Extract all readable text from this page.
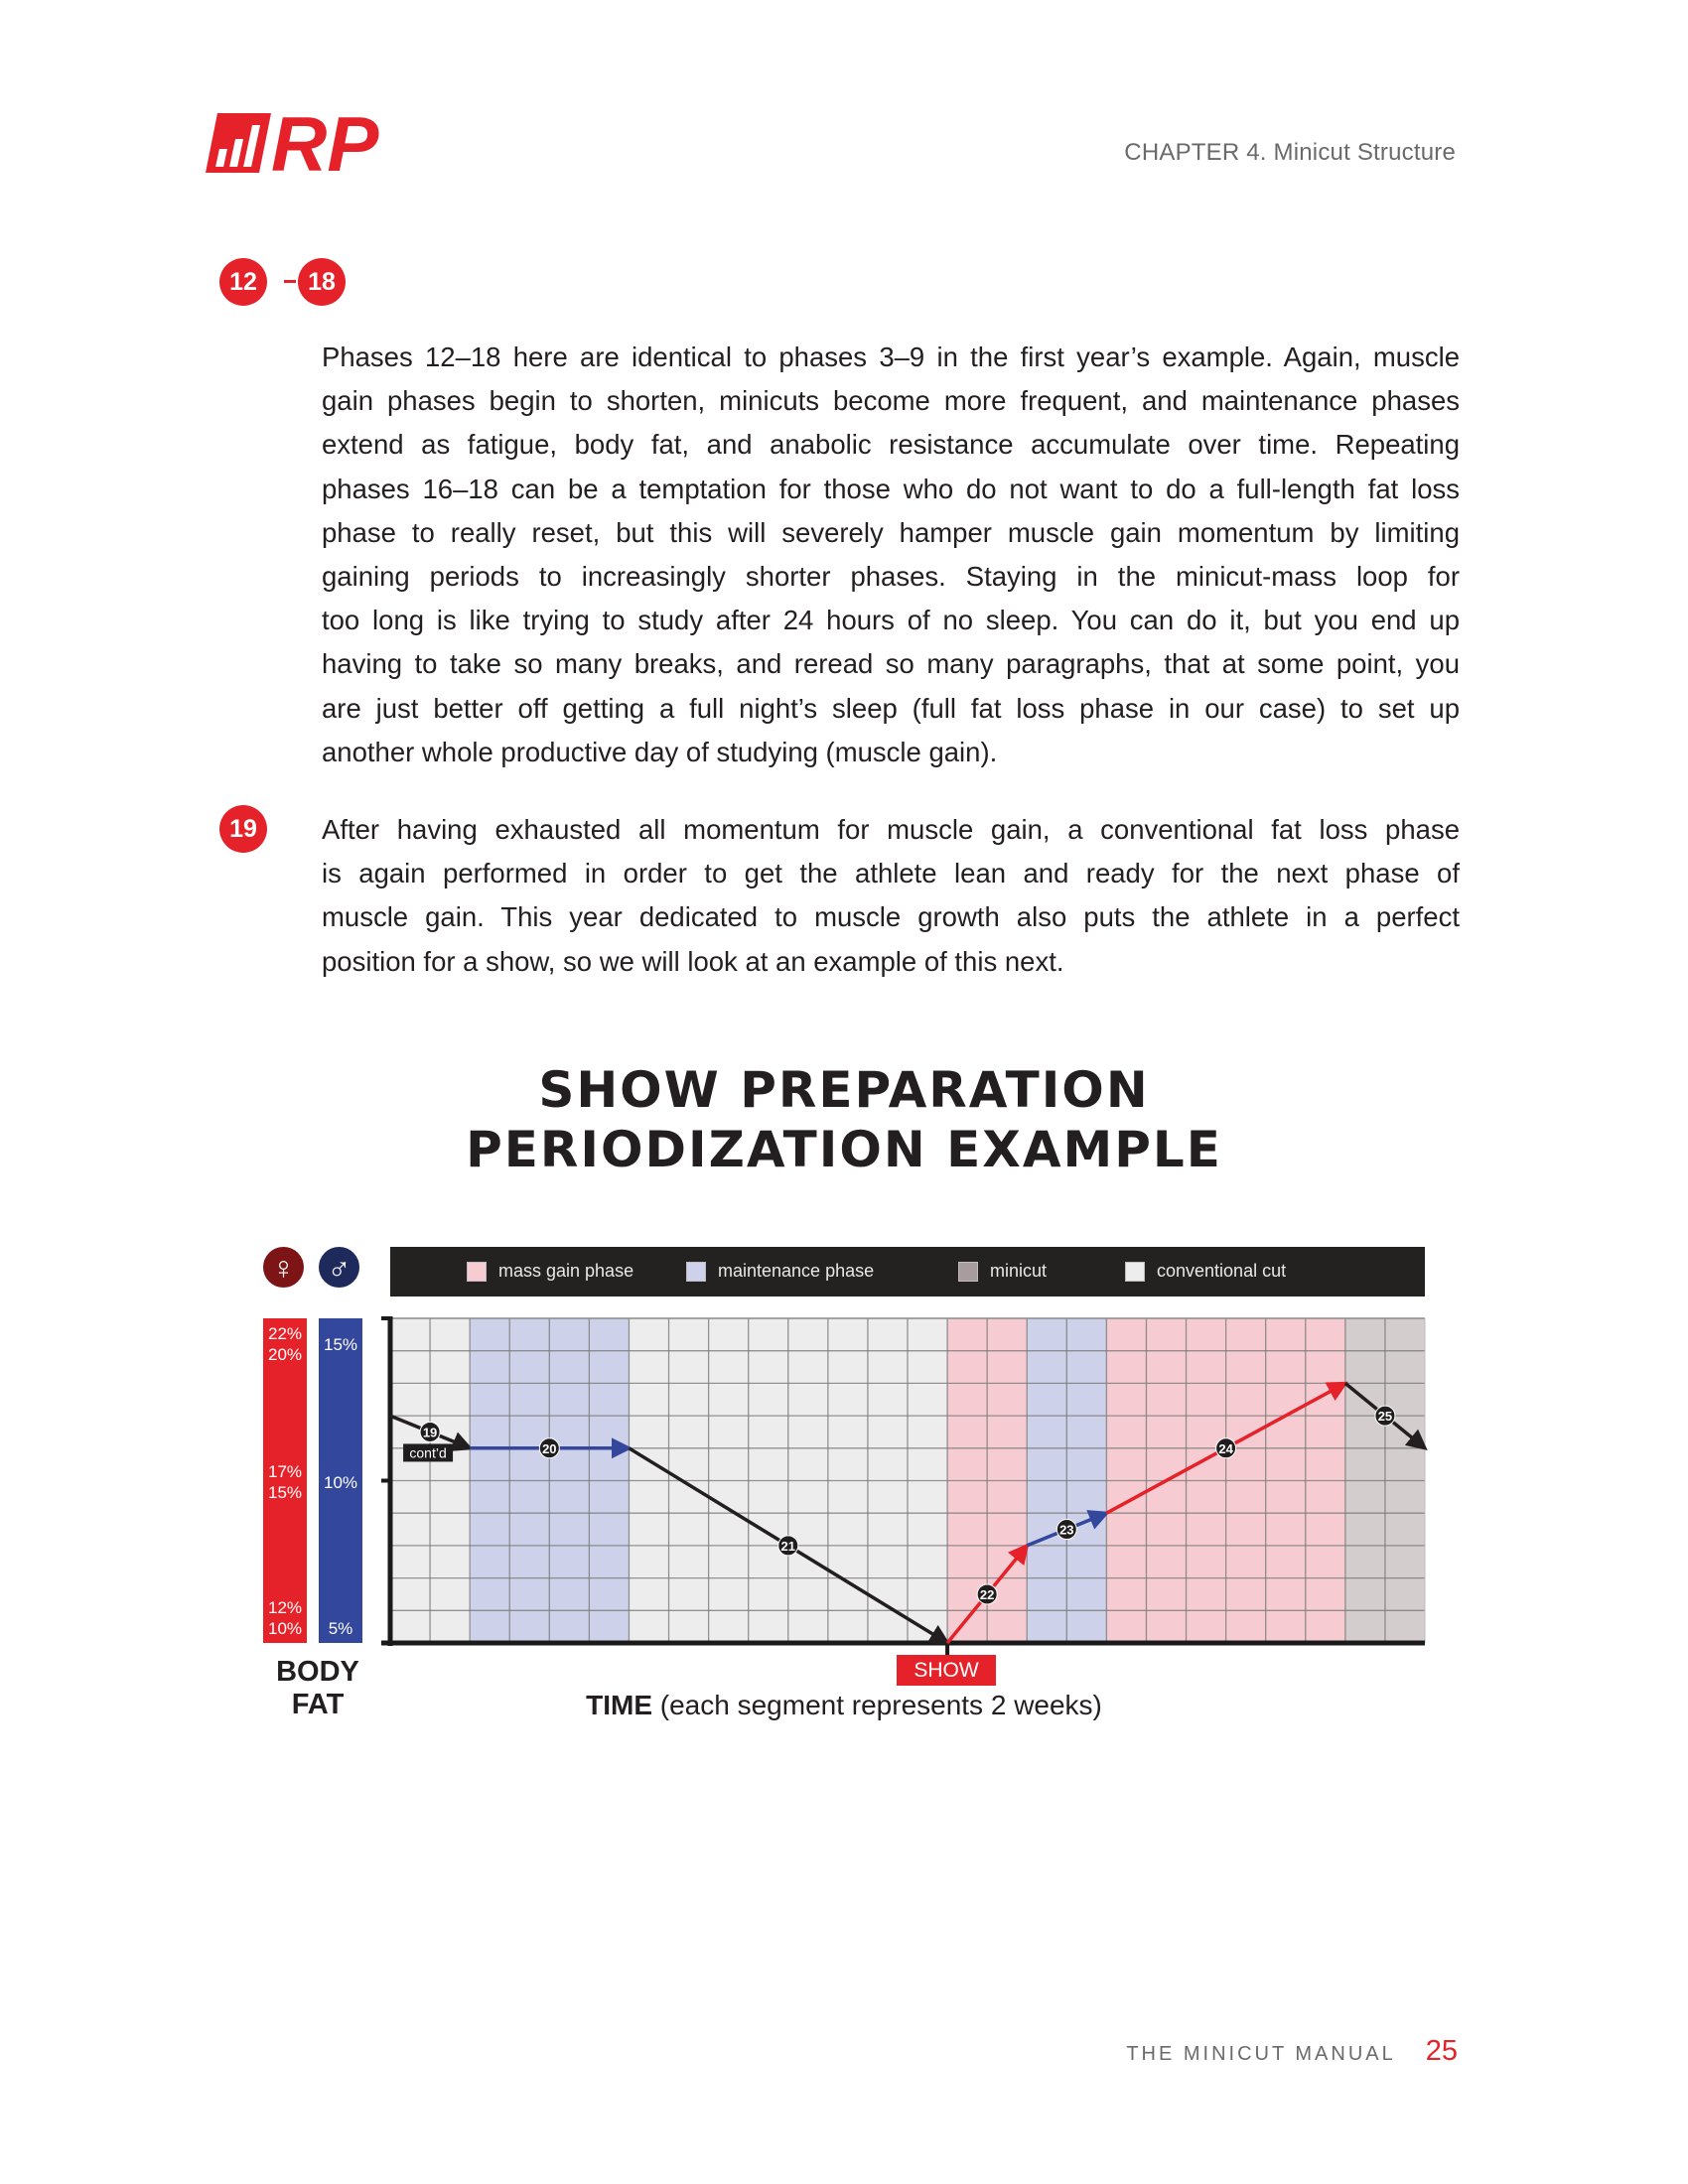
RP	CHAPTER 4. Minicut Structure
12	18
Phases 12–18 here are identical to phases 3–9 in the first year’s example. Again, muscle
gain phases begin to shorten, minicuts become more frequent, and maintenance phases
extend as fatigue, body fat, and anabolic resistance accumulate over time. Repeating
phases 16–18 can be a temptation for those who do not want to do a full-length fat loss
phase to really reset, but this will severely hamper muscle gain momentum by limiting
gaining periods to increasingly shorter phases. Staying in the minicut-mass loop for
too long is like trying to study after 24 hours of no sleep. You can do it, but you end up
having to take so many breaks, and reread so many paragraphs, that at some point, you
are just better off getting a full night’s sleep (full fat loss phase in our case) to set up
another whole productive day of studying (muscle gain).
19	After having exhausted all momentum for muscle gain, a conventional fat loss phase
is again performed in order to get the athlete lean and ready for the next phase of
muscle gain. This year dedicated to muscle growth also puts the athlete in a perfect
position for a show, so we will look at an example of this next.
SHOW PREPARATION
PERIODIZATION EXAMPLE
♀ ♂	mass gain phase	maintenance phase	minicut	conventional cut
22%
20%
17%
15%
12%
10%
15%
10%
5%
BODY
FAT
19
cont’d	20
21
22
23
24
25
SHOW
TIME (each segment represents 2 weeks)
THE MINICUT MANUAL 25
